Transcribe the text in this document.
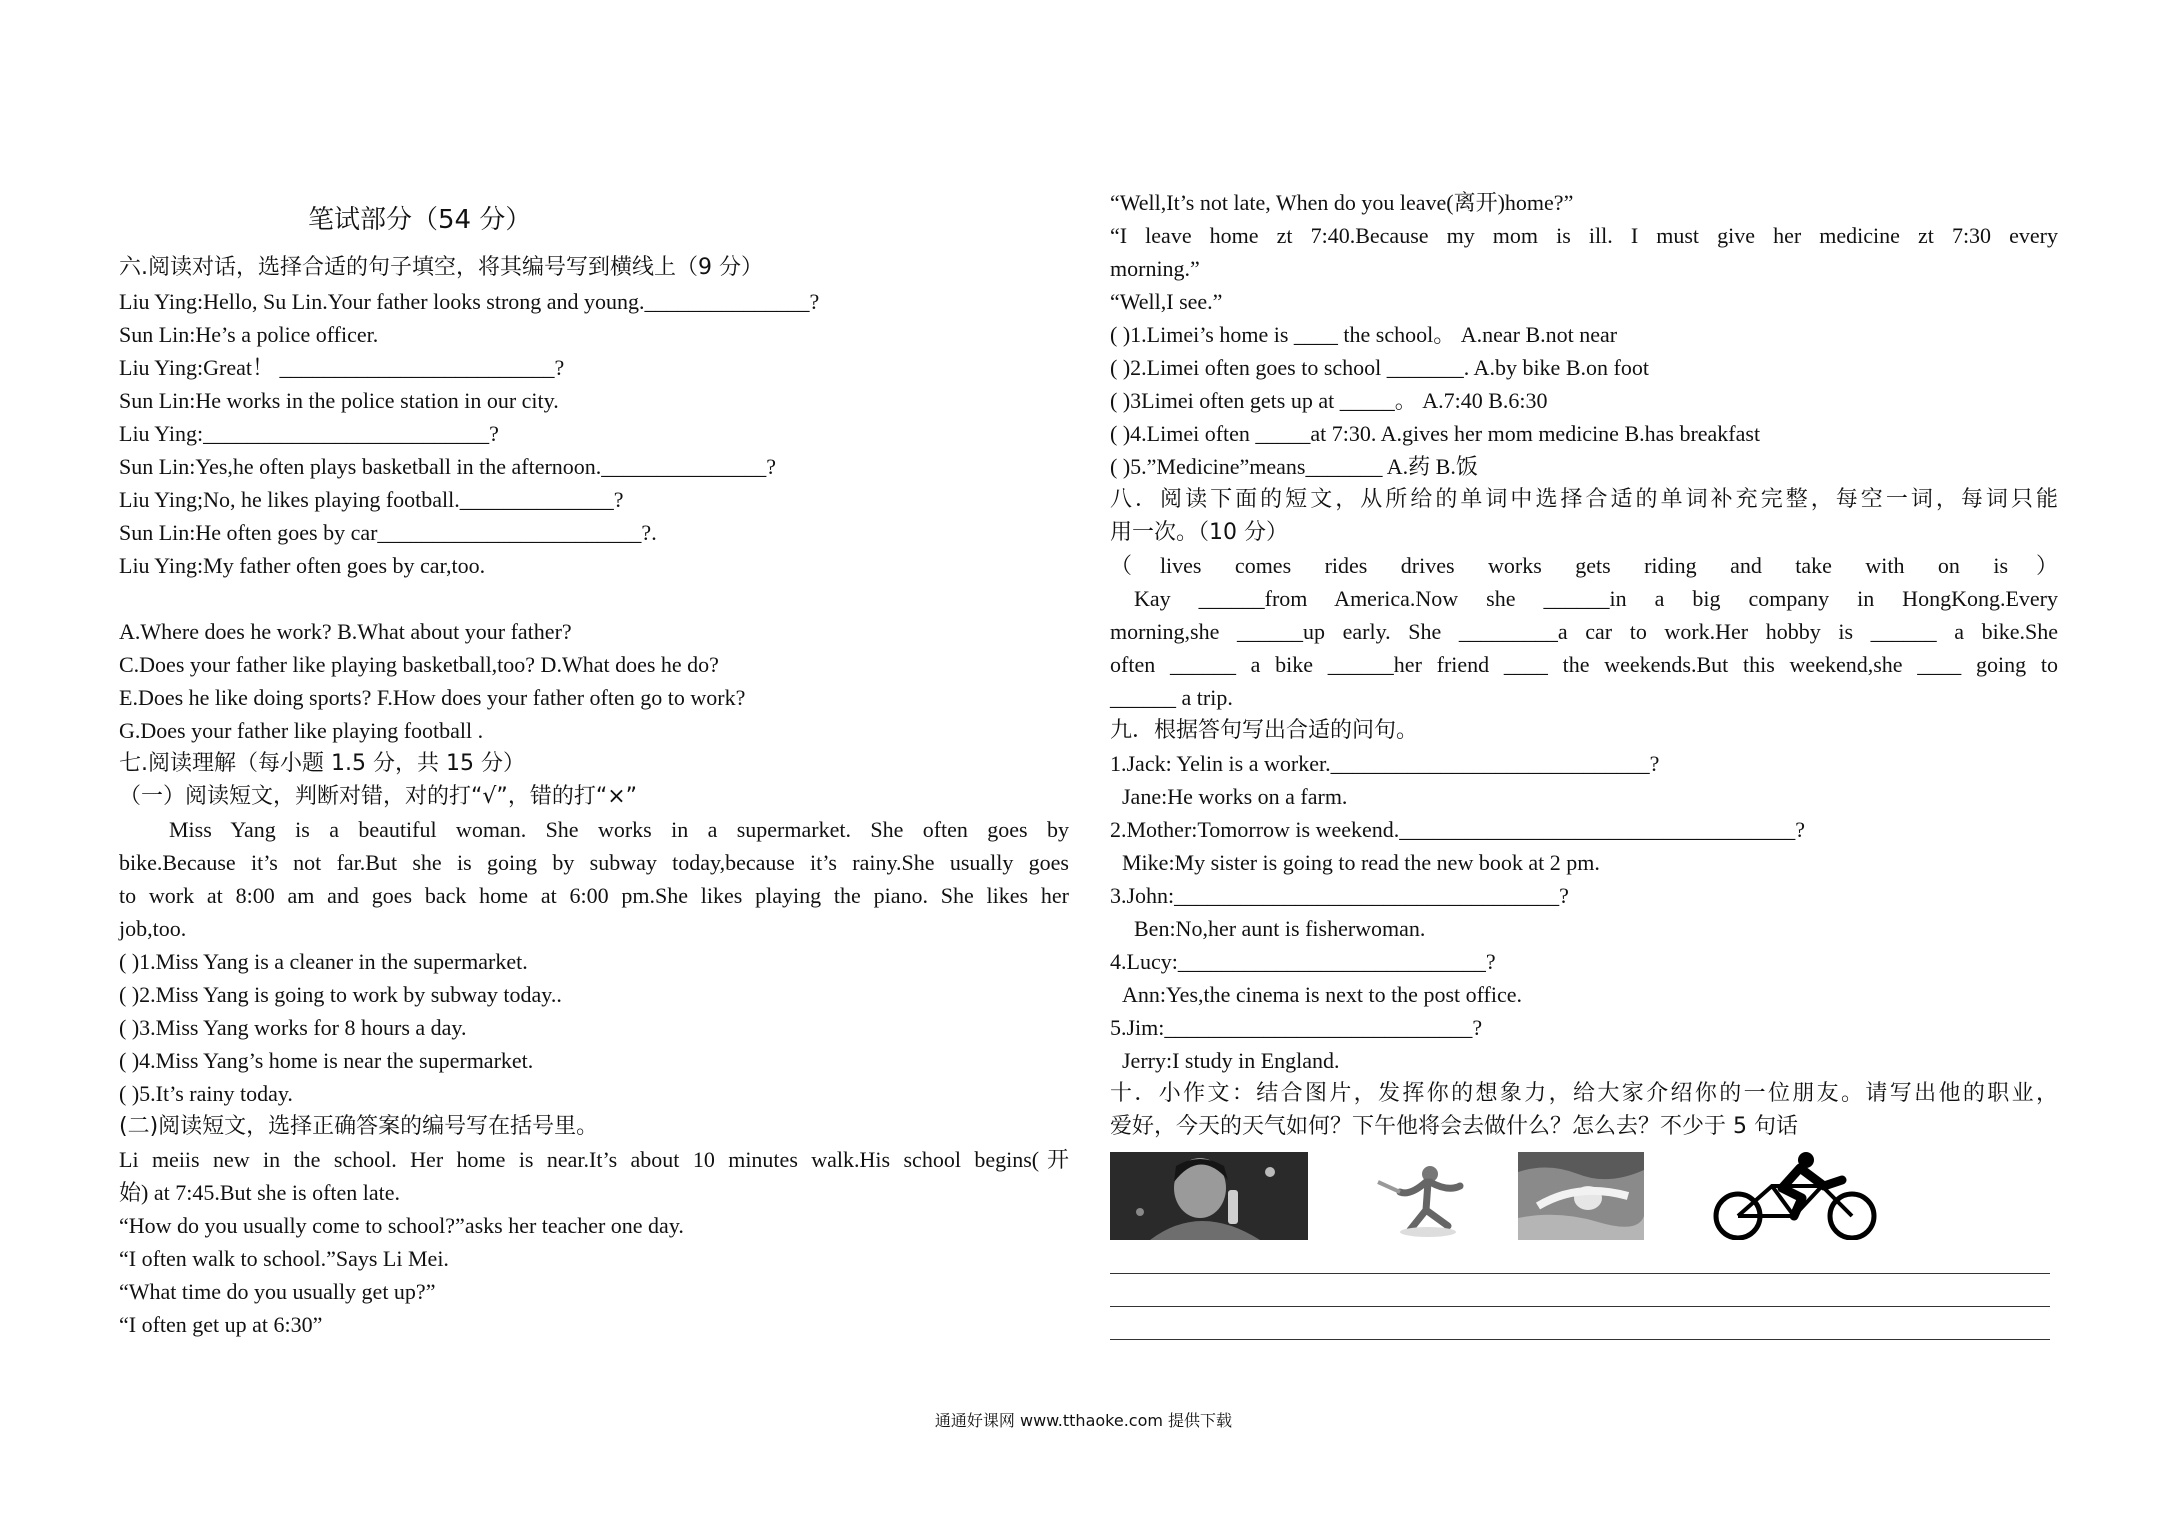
笔试部分（54 分）
六.阅读对话，选择合适的句子填空，将其编号写到横线上（9 分）
Liu Ying:Hello, Su Lin.Your father looks strong and young._______________?
Sun Lin:He’s a police officer.
Liu Ying:Great！ _________________________?
Sun Lin:He works in the police station in our city.
Liu Ying:__________________________?
Sun Lin:Yes,he often plays basketball in the afternoon._______________?
Liu Ying;No, he likes playing football.______________?
Sun Lin:He often goes by car________________________?.
Liu Ying:My father often goes by car,too.
A.Where does he work? B.What about your father?
C.Does your father like playing basketball,too? D.What does he do?
E.Does he like doing sports? F.How does your father often go to work?
G.Does your father like playing football .
七.阅读理解（每小题 1.5 分，共 15 分）
（一）阅读短文，判断对错，对的打“√”，错的打“×”
Miss Yang is a beautiful woman. She works in a supermarket. She often goes by
bike.Because it’s not far.But she is going by subway today,because it’s rainy.She usually goes
to work at 8:00 am and goes back home at 6:00 pm.She likes playing the piano. She likes her
job,too.
( )1.Miss Yang is a cleaner in the supermarket.
( )2.Miss Yang is going to work by subway today..
( )3.Miss Yang works for 8 hours a day.
( )4.Miss Yang’s home is near the supermarket.
( )5.It’s rainy today.
(二)阅读短文，选择正确答案的编号写在括号里。
Li meiis new in the school. Her home is near.It’s about 10 minutes walk.His school begins(开
始) at 7:45.But she is often late.
“How do you usually come to school?”asks her teacher one day.
“I often walk to school.”Says Li Mei.
“What time do you usually get up?”
“I often get up at 6:30”
“Well,It’s not late, When do you leave(离开)home?”
“I leave home zt 7:40.Because my mom is ill. I must give her medicine zt 7:30 every
morning.”
“Well,I see.”
( )1.Limei’s home is ____ the school。 A.near B.not near
( )2.Limei often goes to school _______. A.by bike B.on foot
( )3Limei often gets up at _____。 A.7:40 B.6:30
( )4.Limei often _____at 7:30. A.gives her mom medicine B.has breakfast
( )5.”Medicine”means_______ A.药 B.饭
八．阅读下面的短文，从所给的单词中选择合适的单词补充完整，每空一词，每词只能
用一次。（10 分）
（lives comes rides drives works gets riding and take with on is）
Kay ______from America.Now she ______in a big company in HongKong.Every
morning,she ______up early. She _________a car to work.Her hobby is ______ a bike.She
often ______ a bike ______her friend ____ the weekends.But this weekend,she ____ going to
______ a trip.
九．根据答句写出合适的问句。
1.Jack: Yelin is a worker._____________________________?
Jane:He works on a farm.
2.Mother:Tomorrow is weekend.____________________________________?
Mike:My sister is going to read the new book at 2 pm.
3.John:___________________________________?
Ben:No,her aunt is fisherwoman.
4.Lucy:____________________________?
Ann:Yes,the cinema is next to the post office.
5.Jim:____________________________?
Jerry:I study in England.
十．小作文：结合图片，发挥你的想象力，给大家介绍你的一位朋友。请写出他的职业，
爱好，今天的天气如何？下午他将会去做什么？怎么去？不少于 5 句话
通通好课网 www.tthaoke.com 提供下载
